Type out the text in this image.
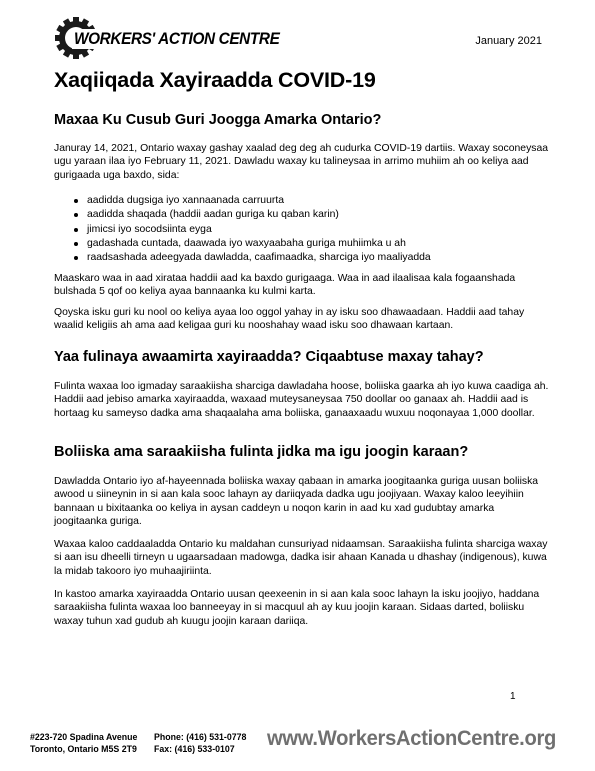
WORKERS' ACTION CENTRE	January 2021
Xaqiiqada Xayiraadda COVID-19
Maxaa Ku Cusub Guri Joogga Amarka Ontario?

Januray 14, 2021, Ontario waxay gashay xaalad deg deg ah cudurka COVID-19 dartiis. Waxay soconeysaa ugu yaraan ilaa iyo February 11, 2021. Dawladu waxay ku talineysaa in arrimo muhiim ah oo keliya aad gurigaada uga baxdo, sida:

aadidda dugsiga iyo xannaanada carruurta
aadidda shaqada (haddii aadan guriga ku qaban karin)
jimicsi iyo socodsiinta eyga
gadashada cuntada, daawada iyo waxyaabaha guriga muhiimka u ah
raadsashada adeegyada dawladda, caafimaadka, sharciga iyo maaliyadda

Maaskaro waa in aad xirataa haddii aad ka baxdo gurigaaga. Waa in aad ilaalisaa kala fogaanshada bulshada 5 qof oo keliya ayaa bannaanka ku kulmi karta.

Qoyska isku guri ku nool oo keliya ayaa loo oggol yahay in ay isku soo dhawaadaan. Haddii aad tahay waalid keligiis ah ama aad keligaa guri ku nooshahay waad isku soo dhawaan kartaan.

Yaa fulinaya awaamirta xayiraadda? Ciqaabtuse maxay tahay?

Fulinta waxaa loo igmaday saraakiisha sharciga dawladaha hoose, boliiska gaarka ah iyo kuwa caadiga ah. Haddii aad jebiso amarka xayiraadda, waxaad muteysaneysaa 750 doollar oo ganaax ah. Haddii aad is hortaag ku sameyso dadka ama shaqaalaha ama boliiska, ganaaxaadu wuxuu noqonayaa 1,000 doollar.

Boliiska ama saraakiisha fulinta jidka ma igu joogin karaan?

Dawladda Ontario iyo af-hayeennada boliiska waxay qabaan in amarka joogitaanka guriga uusan boliiska awood u siineynin in si aan kala sooc lahayn ay dariiqyada dadka ugu joojiyaan. Waxay kaloo leeyihiin bannaan u bixitaanka oo keliya in aysan caddeyn u noqon karin in aad ku xad gudubtay amarka joogitaanka guriga.

Waxaa kaloo caddaaladda Ontario ku maldahan cunsuriyad nidaamsan. Saraakiisha fulinta sharciga waxay si aan isu dheelli tirneyn u ugaarsadaan madowga, dadka isir ahaan Kanada u dhashay (indigenous), kuwa la midab takooro iyo muhaajiriinta.

In kastoo amarka xayiraadda Ontario uusan qeexeenin in si aan kala sooc lahayn la isku joojiyo, haddana saraakiisha fulinta waxaa loo banneeyay in si macquul ah ay kuu joojin karaan. Sidaas darted, boliisku waxay tuhun xad gudub ah kuugu joojin karaan dariiqa.

1
#223-720 Spadina Avenue
Toronto, Ontario M5S 2T9
Phone: (416) 531-0778
Fax: (416) 533-0107	www.WorkersActionCentre.org
